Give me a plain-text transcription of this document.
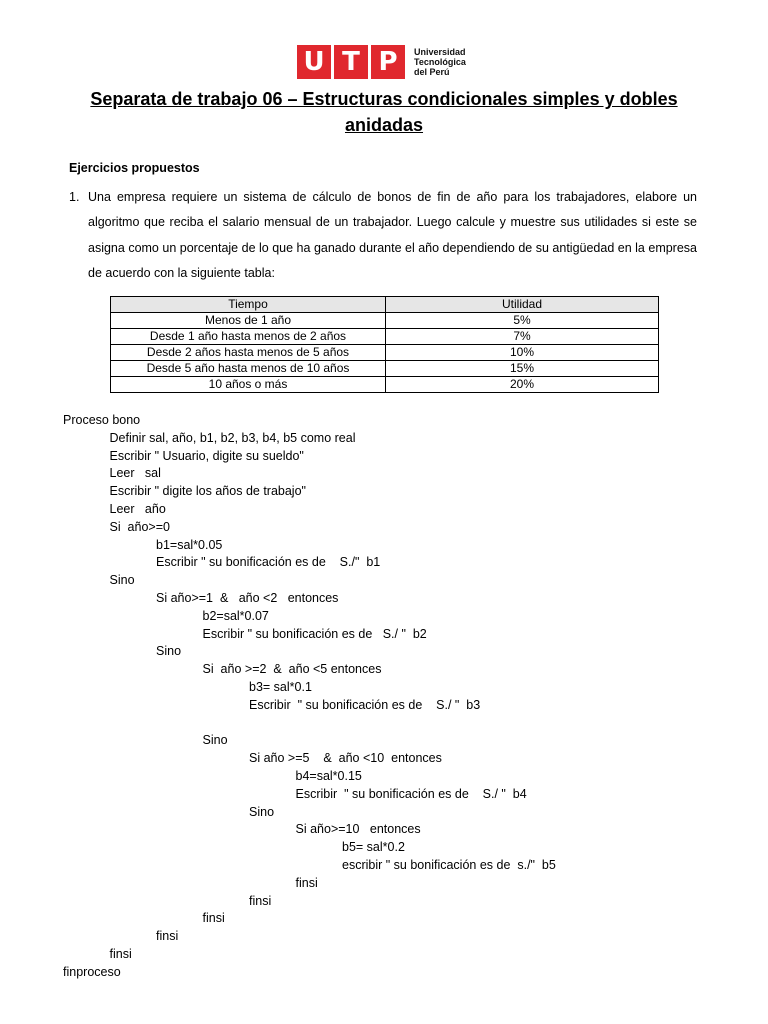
U T P	Universidad
Tecnológica
del Perú
Separata de trabajo 06 – Estructuras condicionales simples y dobles anidadas
Ejercicios propuestos
1. Una empresa requiere un sistema de cálculo de bonos de fin de año para los trabajadores, elabore un algoritmo que reciba el salario mensual de un trabajador. Luego calcule y muestre sus utilidades si este se asigna como un porcentaje de lo que ha ganado durante el año dependiendo de su antigüedad en la empresa de acuerdo con la siguiente tabla:
Tiempo	Utilidad
Menos de 1 año	5%
Desde 1 año hasta menos de 2 años	7%
Desde 2 años hasta menos de 5 años	10%
Desde 5 año hasta menos de 10 años	15%
10 años o más	20%
Proceso bono
Definir sal, año, b1, b2, b3, b4, b5 como real
Escribir " Usuario, digite su sueldo"
Leer   sal
Escribir " digite los años de trabajo"
Leer   año
Si  año>=0
b1=sal*0.05
Escribir " su bonificación es de    S./"  b1
Sino
Si año>=1  &   año <2   entonces
b2=sal*0.07
Escribir " su bonificación es de   S./ "  b2
Sino
Si  año >=2  &  año <5 entonces
b3= sal*0.1
Escribir  " su bonificación es de    S./ "  b3
Sino
Si año >=5    &  año <10  entonces
b4=sal*0.15
Escribir  " su bonificación es de    S./ "  b4
Sino
Si año>=10   entonces
b5= sal*0.2
escribir " su bonificación es de  s./"  b5
finsi
finsi
finsi
finsi
finsi
finproceso
